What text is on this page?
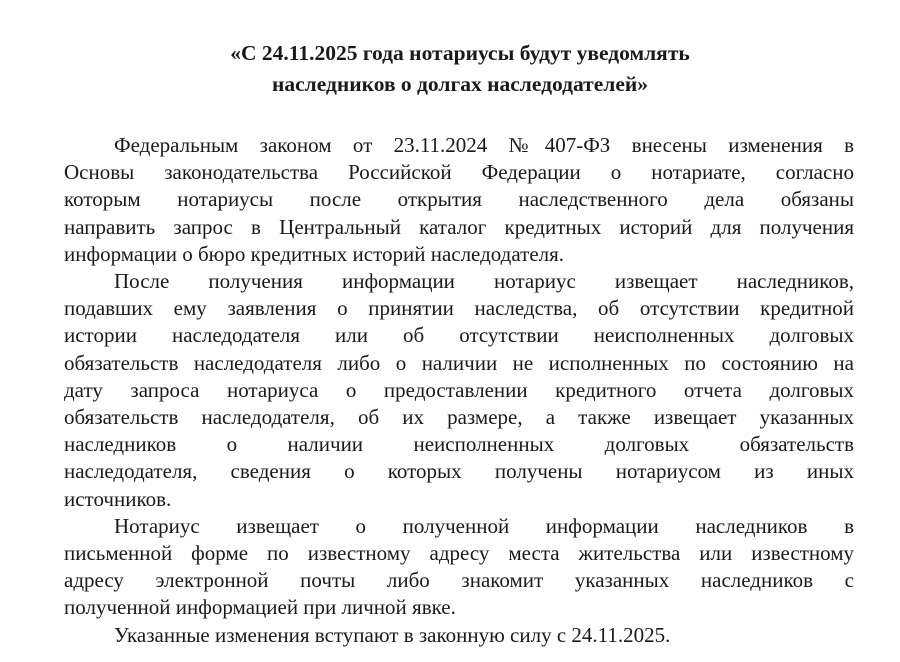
«С 24.11.2025 года нотариусы будут уведомлять
наследников о долгах наследодателей»

Федеральным законом от 23.11.2024 №407-ФЗ внесены изменения в
Основы законодательства Российской Федерации о нотариате, согласно
которым нотариусы после открытия наследственного дела обязаны
направить запрос в Центральный каталог кредитных историй для получения
информации о бюро кредитных историй наследодателя.

После получения информации нотариус извещает наследников,
подавших ему заявления о принятии наследства, об отсутствии кредитной
истории наследодателя или об отсутствии неисполненных долговых
обязательств наследодателя либо о наличии не исполненных по состоянию на
дату запроса нотариуса о предоставлении кредитного отчета долговых
обязательств наследодателя, об их размере, а также извещает указанных
наследников о наличии неисполненных долговых обязательств
наследодателя, сведения о которых получены нотариусом из иных
источников.

Нотариус извещает о полученной информации наследников в
письменной форме по известному адресу места жительства или известному
адресу электронной почты либо знакомит указанных наследников с
полученной информацией при личной явке.

Указанные изменения вступают в законную силу с 24.11.2025.
